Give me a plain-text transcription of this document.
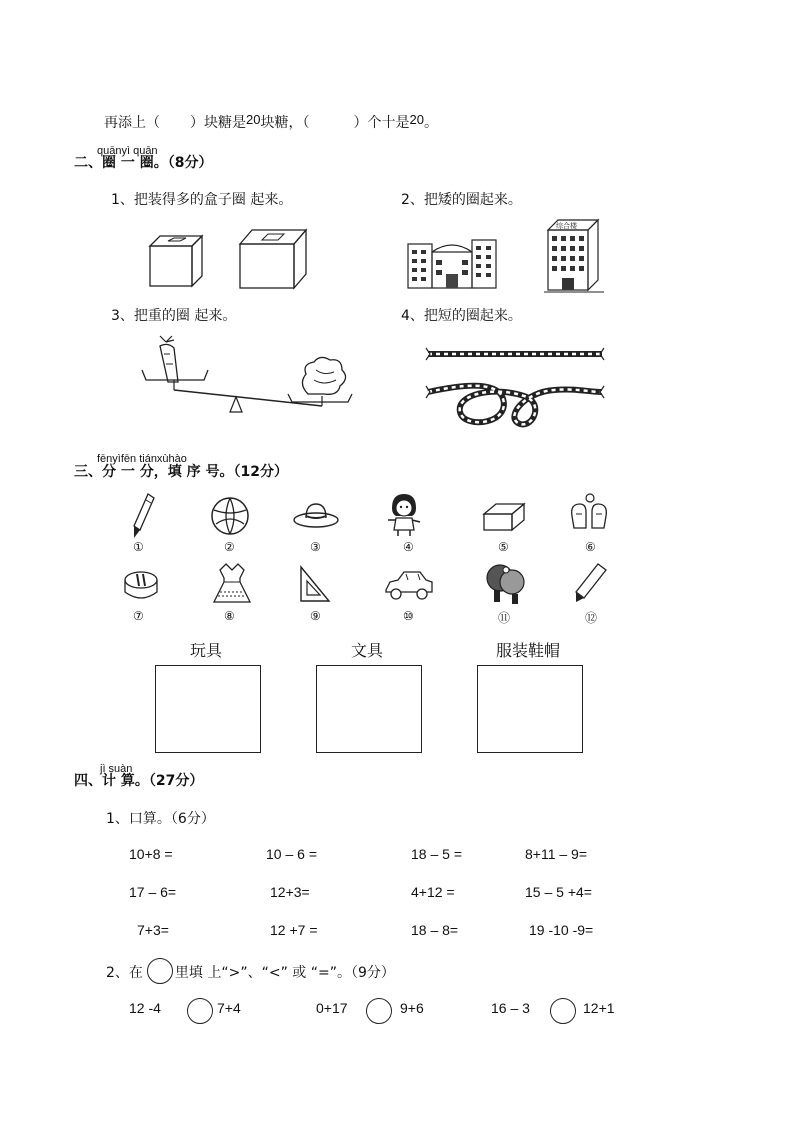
再添上（ ）块糖是20块糖，（	）个十是20。
quānyì quān
二、圈 一 圈。（8分）
1、把装得多的盒子圈 起来。	2、把矮的圈起来。
综合楼
3、把重的圈 起来。	4、把短的圈起来。
fēnyìfēn tiánxùhào
三、分 一 分，填 序 号。（12分）
①	②	③	④	⑤	⑥
⑦	⑧	⑨	⑩	⑪	⑫
玩具	文具	服装鞋帽
jì suàn
四、计 算。（27分）
1、口算。（6分）
10+8 =	10 – 6 =	18 – 5 =	8+11 – 9=
17 – 6=	12+3=	4+12 =	15 – 5 +4=
7+3=	12 +7 =	18 – 8=	19 -10 -9=
2、在 里填 上“>”、“<” 或 “=”。（9分）
12 -4	7+4	0+17	9+6	16 – 3	12+1
